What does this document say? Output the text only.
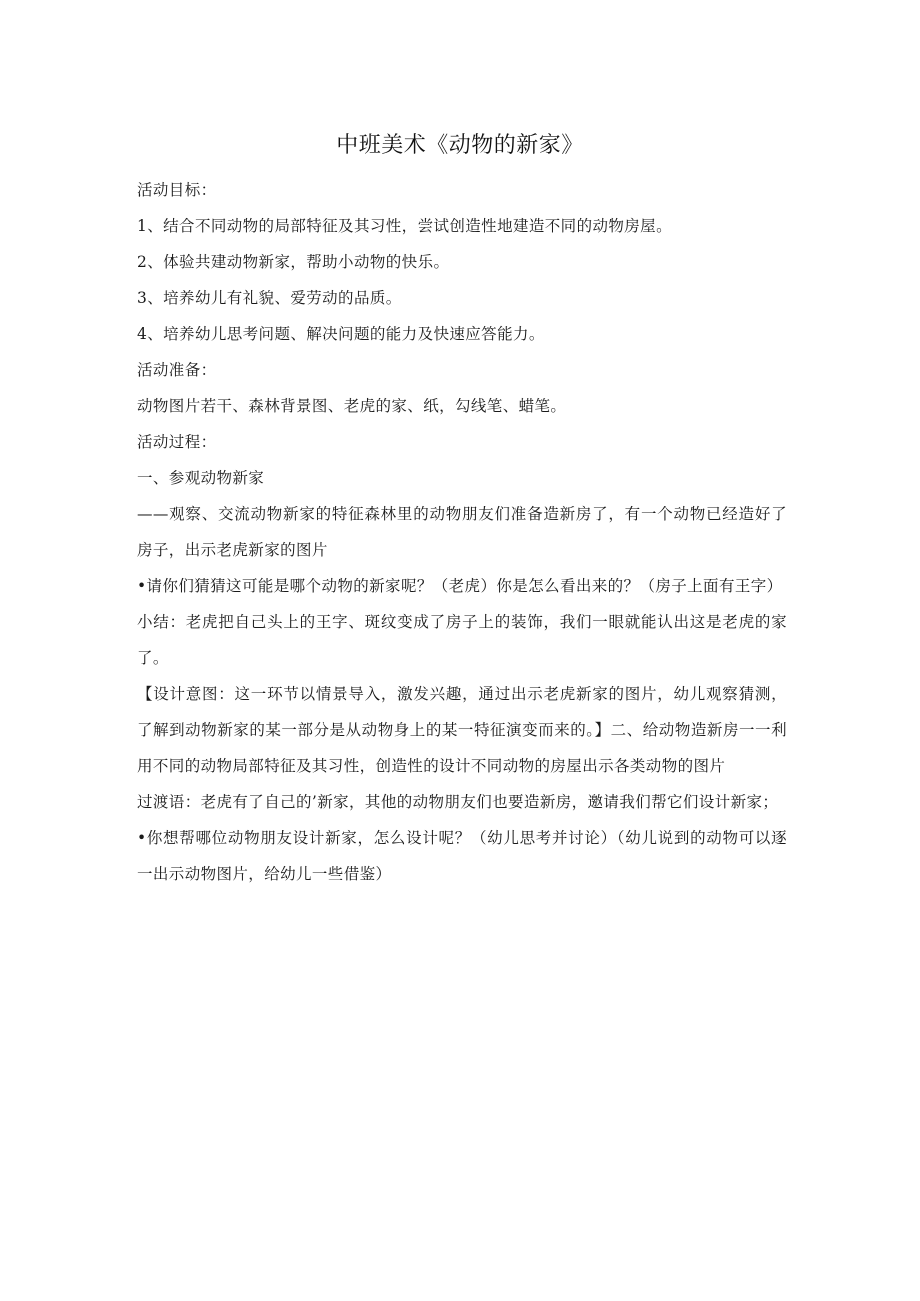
中班美术《动物的新家》

活动目标：

1、结合不同动物的局部特征及其习性，尝试创造性地建造不同的动物房屋。

2、体验共建动物新家，帮助小动物的快乐。

3、培养幼儿有礼貌、爱劳动的品质。

4、培养幼儿思考问题、解决问题的能力及快速应答能力。

活动准备：

动物图片若干、森林背景图、老虎的家、纸，勾线笔、蜡笔。

活动过程：

一、参观动物新家

——观察、交流动物新家的特征森林里的动物朋友们准备造新房了，有一个动物已经造好了房子，出示老虎新家的图片

•请你们猜猜这可能是哪个动物的新家呢？（老虎）你是怎么看出来的？（房子上面有王字）

小结：老虎把自己头上的王字、斑纹变成了房子上的装饰，我们一眼就能认出这是老虎的家了。

【设计意图：这一环节以情景导入，激发兴趣，通过出示老虎新家的图片，幼儿观察猜测，了解到动物新家的某一部分是从动物身上的某一特征演变而来的。】二、给动物造新房一一利用不同的动物局部特征及其习性，创造性的设计不同动物的房屋出示各类动物的图片

过渡语：老虎有了自己的’新家，其他的动物朋友们也要造新房，邀请我们帮它们设计新家；

•你想帮哪位动物朋友设计新家，怎么设计呢？（幼儿思考并讨论）（幼儿说到的动物可以逐一出示动物图片，给幼儿一些借鉴）
